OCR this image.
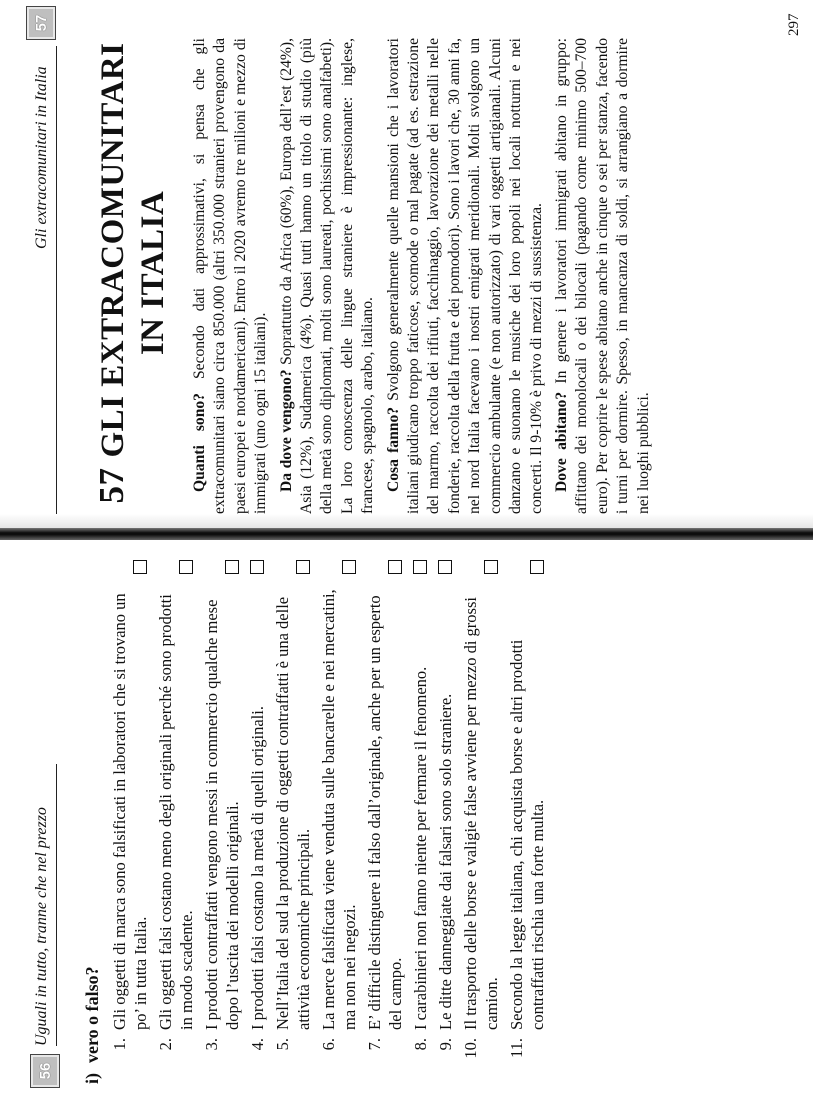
56
Uguali in tutto, tranne che nel prezzo
i)vero o falso? 1.
Gli oggetti di marca sono falsificati in laboratori che si trovano un po’ in tutta Italia.
2.
Gli oggetti falsi costano meno degli originali perché sono prodotti in modo scadente.
3.
I prodotti contraffatti vengono messi in commercio qualche mese dopo l’uscita dei modelli originali.
4.
I prodotti falsi costano la metà di quelli originali.
5.
Nell’Italia del sud la produzione di oggetti contraffatti è una delle attività economiche principali.
6.
La merce falsificata viene venduta sulle bancarelle e nei mercatini, ma non nei negozi.
7.
E’ difficile distinguere il falso dall’originale, anche per un esperto del campo.
8.
I carabinieri non fanno niente per fermare il fenomeno.
9.
Le ditte danneggiate dai falsari sono solo straniere.
10.
Il trasporto delle borse e valigie false avviene per mezzo di grossi camion.
11.
Secondo la legge italiana, chi acquista borse e altri prodotti contraffatti rischia una forte multa.
Gli extracomunitari in Italia
57
57GLI EXTRACOMUNITARI IN ITALIA

Quanti sono? Secondo dati approssimativi, si pensa che gli extracomunitari siano circa 850.000 (altri 350.000 stranieri provengono da paesi europei e nordamericani). Entro il 2020 avremo tre milioni e mezzo di immigrati (uno ogni 15 italiani). Da dove vengono? Soprattutto da Africa (60%), Europa dell’est (24%), Asia (12%), Sudamerica (4%). Quasi tutti hanno un titolo di studio (più della metà sono diplomati, molti sono laureati, pochissimi sono analfabeti). La loro conoscenza delle lingue straniere è impressionante: inglese, francese, spagnolo, arabo, italiano. Cosa fanno? Svolgono generalmente quelle mansioni che i lavoratori italiani giudicano troppo faticose, scomode o mal pagate (ad es. estrazione del marmo, raccolta dei rifiuti, facchinaggio, lavorazione dei metalli nelle fonderie, raccolta della frutta e dei pomodori). Sono i lavori che, 30 anni fa, nel nord Italia facevano i nostri emigrati meridionali. Molti svolgono un commercio ambulante (e non autorizzato) di vari oggetti artigianali. Alcuni danzano e suonano le musiche dei loro popoli nei locali notturni e nei concerti. Il 9-10% è privo di mezzi di sussistenza. Dove abitano? In genere i lavoratori immigrati abitano in gruppo: affittano dei monolocali o dei bilocali (pagando come minimo 500–700 euro). Per coprire le spese abitano anche in cinque o sei per stanza, facendo i turni per dormire. Spesso, in mancanza di soldi, si arrangiano a dormire nei luoghi pubblici.

297
